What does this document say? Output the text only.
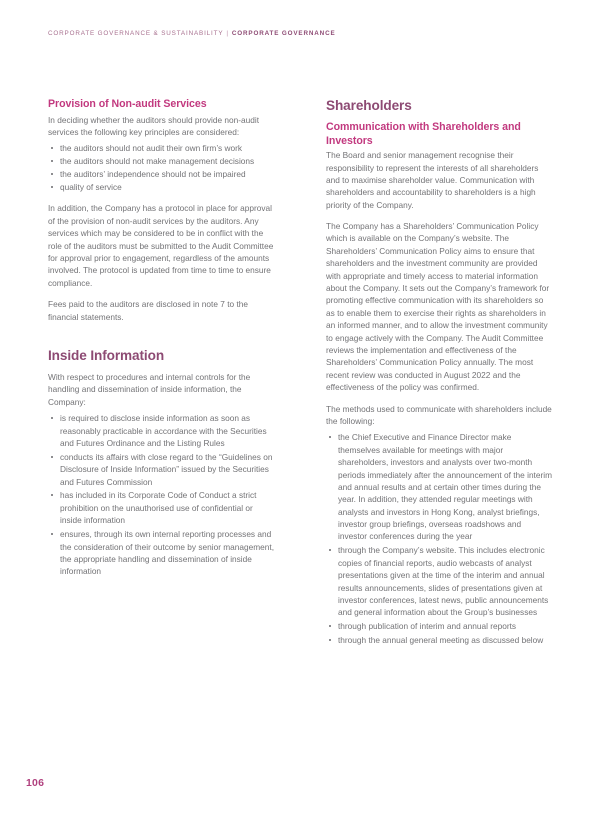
CORPORATE GOVERNANCE & SUSTAINABILITY | CORPORATE GOVERNANCE
Provision of Non-audit Services

In deciding whether the auditors should provide non-audit services the following key principles are considered:

the auditors should not audit their own firm’s work
the auditors should not make management decisions
the auditors’ independence should not be impaired
quality of service

In addition, the Company has a protocol in place for approval of the provision of non-audit services by the auditors. Any services which may be considered to be in conflict with the role of the auditors must be submitted to the Audit Committee for approval prior to engagement, regardless of the amounts involved. The protocol is updated from time to time to ensure compliance.

Fees paid to the auditors are disclosed in note 7 to the financial statements.

Inside Information

With respect to procedures and internal controls for the handling and dissemination of inside information, the Company:

is required to disclose inside information as soon as reasonably practicable in accordance with the Securities and Futures Ordinance and the Listing Rules
conducts its affairs with close regard to the “Guidelines on Disclosure of Inside Information” issued by the Securities and Futures Commission
has included in its Corporate Code of Conduct a strict prohibition on the unauthorised use of confidential or inside information
ensures, through its own internal reporting processes and the consideration of their outcome by senior management, the appropriate handling and dissemination of inside information
Shareholders
Communication with Shareholders and Investors

The Board and senior management recognise their responsibility to represent the interests of all shareholders and to maximise shareholder value. Communication with shareholders and accountability to shareholders is a high priority of the Company.

The Company has a Shareholders’ Communication Policy which is available on the Company’s website. The Shareholders’ Communication Policy aims to ensure that shareholders and the investment community are provided with appropriate and timely access to material information about the Company. It sets out the Company’s framework for promoting effective communication with its shareholders so as to enable them to exercise their rights as shareholders in an informed manner, and to allow the investment community to engage actively with the Company. The Audit Committee reviews the implementation and effectiveness of the Shareholders’ Communication Policy annually. The most recent review was conducted in August 2022 and the effectiveness of the policy was confirmed.

The methods used to communicate with shareholders include the following:

the Chief Executive and Finance Director make themselves available for meetings with major shareholders, investors and analysts over two-month periods immediately after the announcement of the interim and annual results and at certain other times during the year. In addition, they attended regular meetings with analysts and investors in Hong Kong, analyst briefings, investor group briefings, overseas roadshows and investor conferences during the year
through the Company’s website. This includes electronic copies of financial reports, audio webcasts of analyst presentations given at the time of the interim and annual results announcements, slides of presentations given at investor conferences, latest news, public announcements and general information about the Group’s businesses
through publication of interim and annual reports
through the annual general meeting as discussed below
106
